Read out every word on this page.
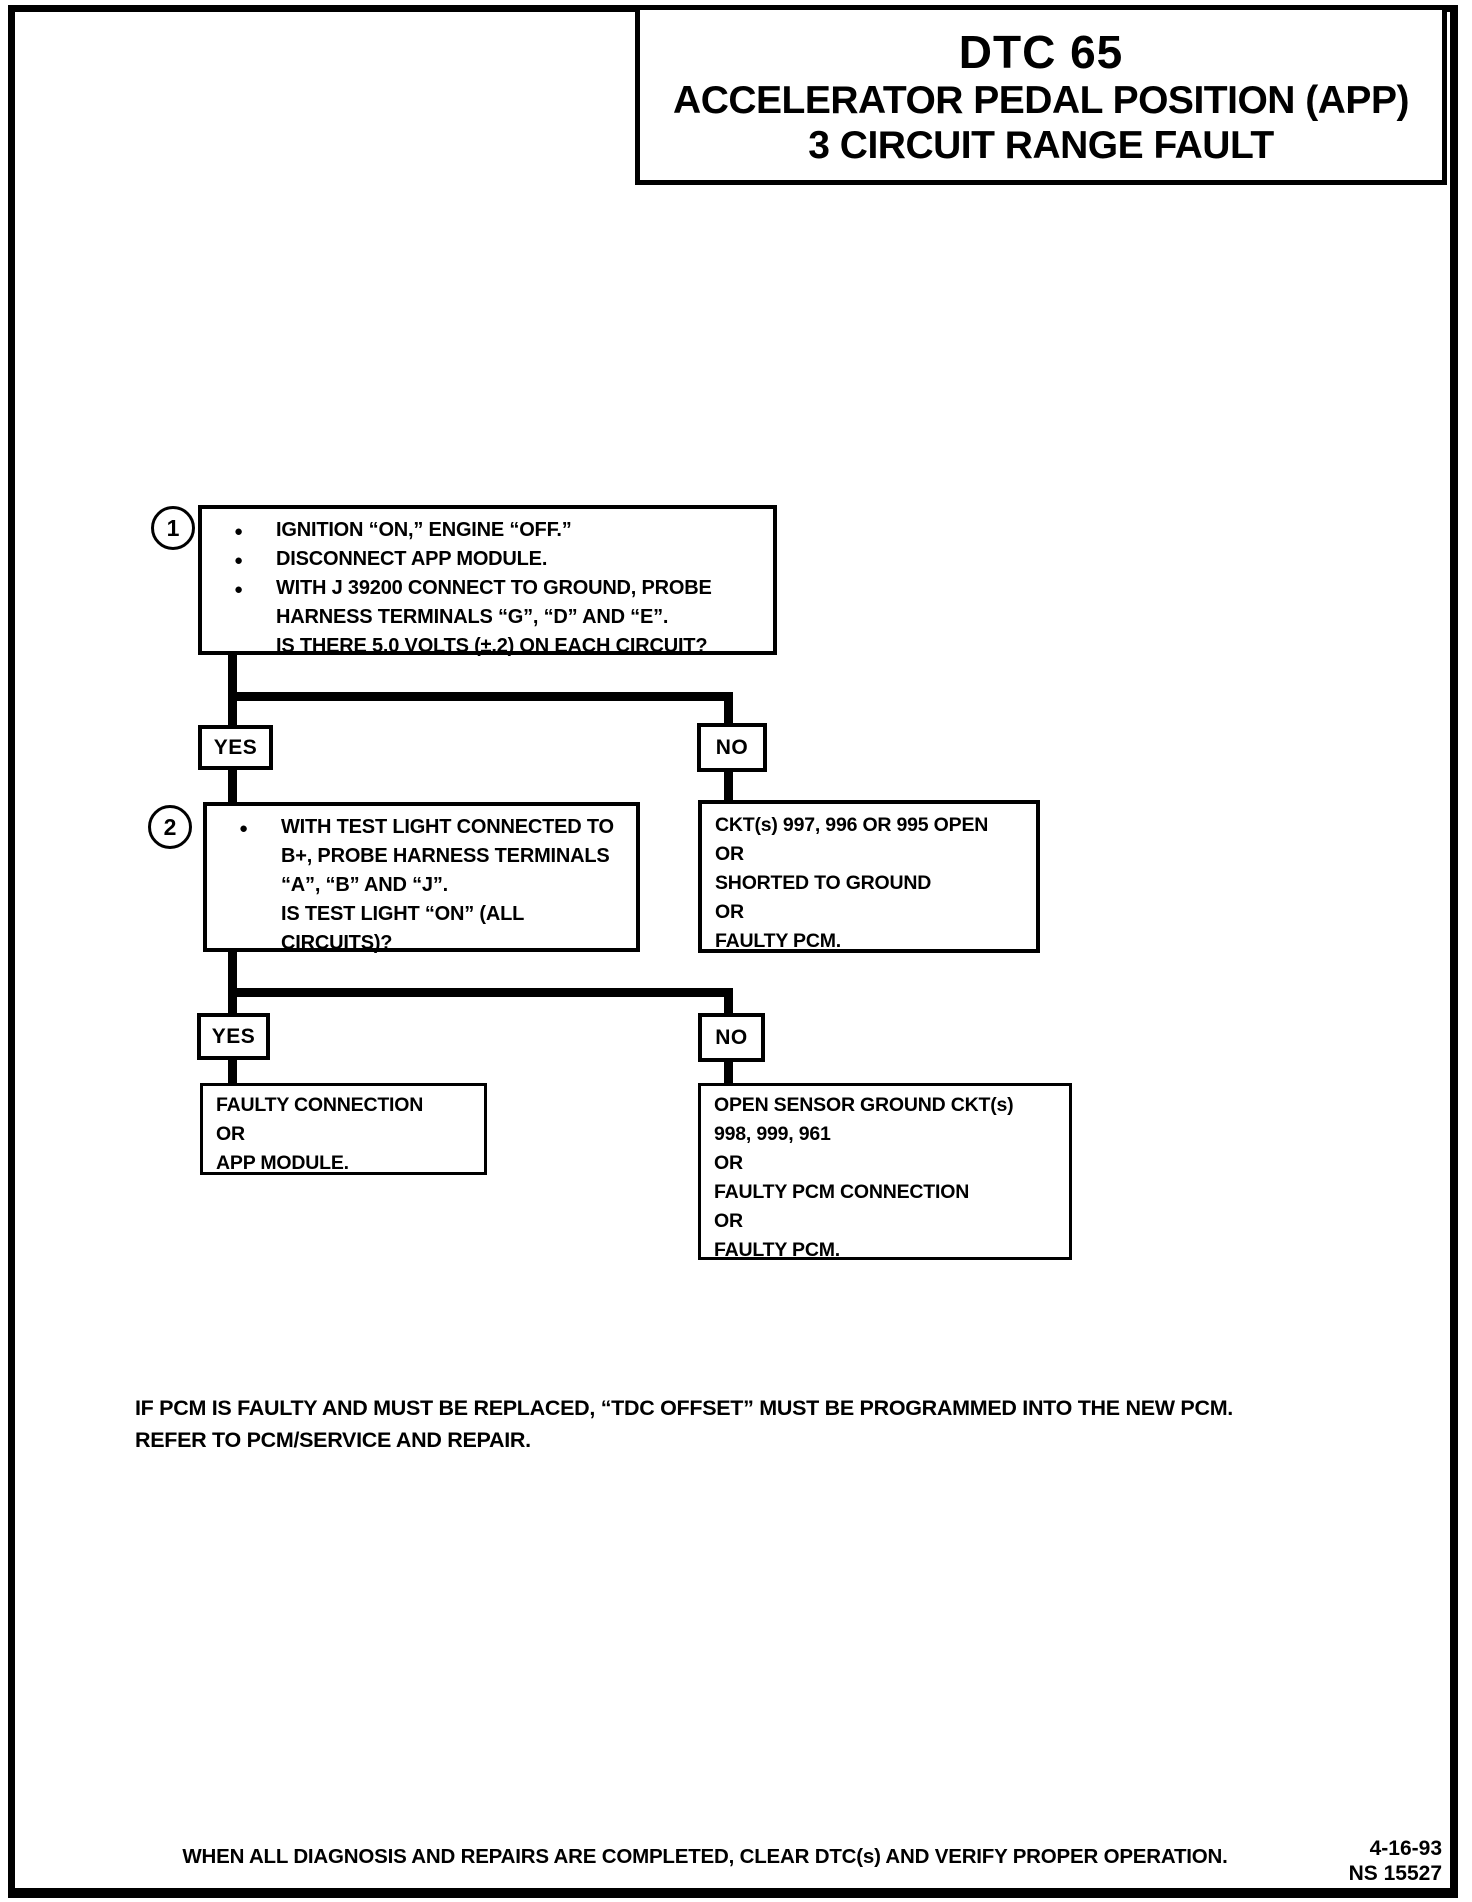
DTC 65
ACCELERATOR PEDAL POSITION (APP)
3 CIRCUIT RANGE FAULT
1	● IGNITION “ON,” ENGINE “OFF.”
● DISCONNECT APP MODULE.
● WITH J 39200 CONNECT TO GROUND, PROBE
HARNESS TERMINALS “G”, “D” AND “E”.
IS THERE 5.0 VOLTS (±.2) ON EACH CIRCUIT?
YES	NO
2	● WITH TEST LIGHT CONNECTED TO
B+, PROBE HARNESS TERMINALS
“A”, “B” AND “J”.
IS TEST LIGHT “ON” (ALL
CIRCUITS)?
CKT(s) 997, 996 OR 995 OPEN
OR
SHORTED TO GROUND
OR
FAULTY PCM.
YES	NO
FAULTY CONNECTION
OR
APP MODULE.
OPEN SENSOR GROUND CKT(s)
998, 999, 961
OR
FAULTY PCM CONNECTION
OR
FAULTY PCM.
IF PCM IS FAULTY AND MUST BE REPLACED, “TDC OFFSET” MUST BE PROGRAMMED INTO THE NEW PCM.
REFER TO PCM/SERVICE AND REPAIR.
WHEN ALL DIAGNOSIS AND REPAIRS ARE COMPLETED, CLEAR DTC(s) AND VERIFY PROPER OPERATION.	4-16-93
NS 15527
